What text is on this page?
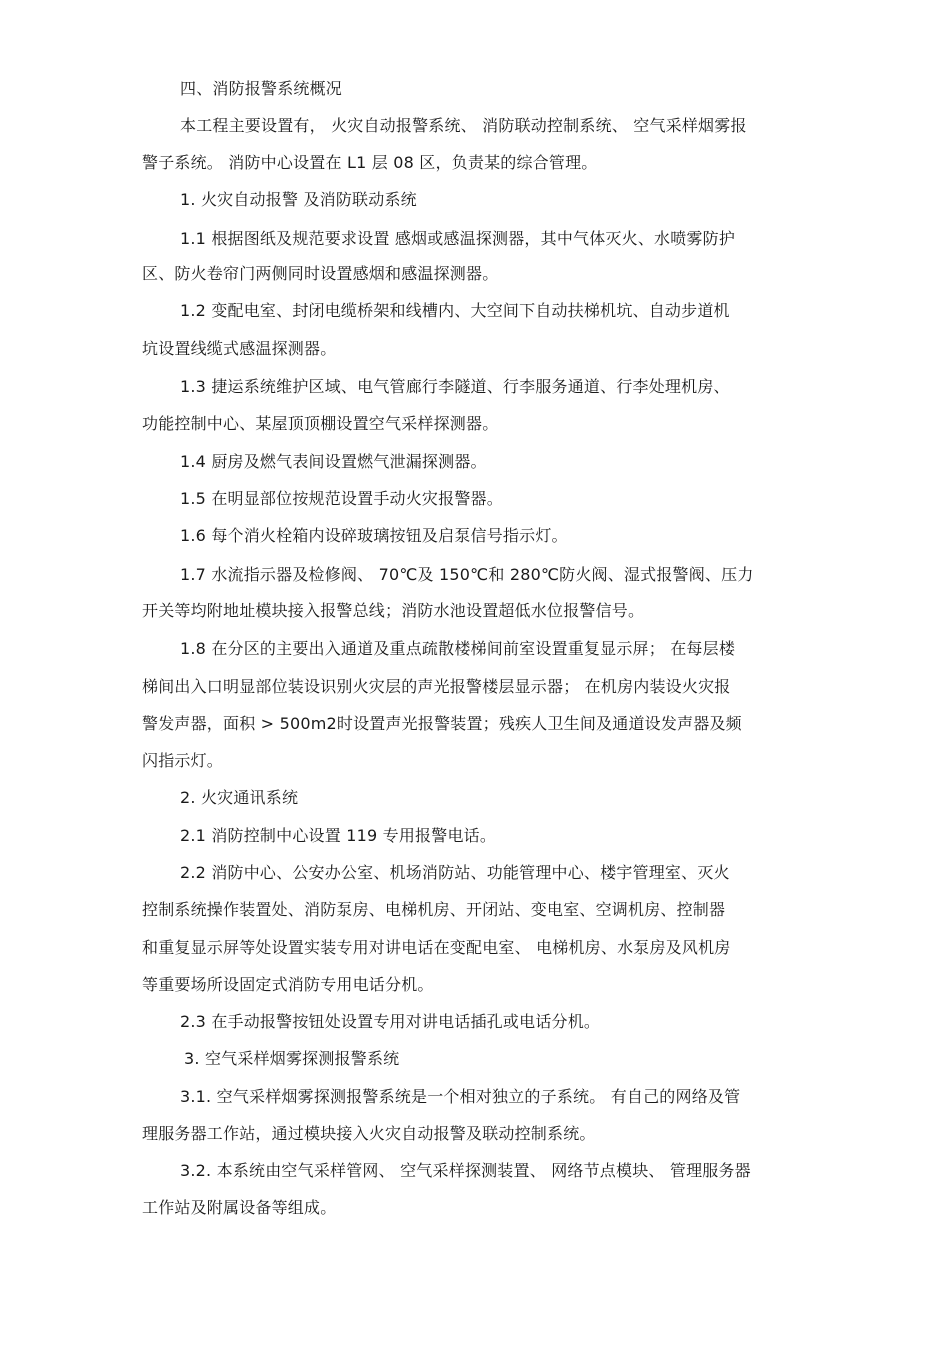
四、消防报警系统概况

本工程主要设置有， 火灾自动报警系统、 消防联动控制系统、 空气采样烟雾报

警子系统。 消防中心设置在 L1 层 08 区，负责某的综合管理。

1. 火灾自动报警 及消防联动系统

1.1 根据图纸及规范要求设置 感烟或感温探测器，其中气体灭火、水喷雾防护

区、防火卷帘门两侧同时设置感烟和感温探测器。

1.2 变配电室、封闭电缆桥架和线槽内、大空间下自动扶梯机坑、自动步道机

坑设置线缆式感温探测器。

1.3 捷运系统维护区域、电气管廊行李隧道、行李服务通道、行李处理机房、

功能控制中心、某屋顶顶棚设置空气采样探测器。

1.4 厨房及燃气表间设置燃气泄漏探测器。

1.5 在明显部位按规范设置手动火灾报警器。

1.6 每个消火栓箱内设碎玻璃按钮及启泵信号指示灯。

1.7 水流指示器及检修阀、 70℃及 150℃和 280℃防火阀、湿式报警阀、压力

开关等均附地址模块接入报警总线；消防水池设置超低水位报警信号。

1.8 在分区的主要出入通道及重点疏散楼梯间前室设置重复显示屏； 在每层楼

梯间出入口明显部位装设识别火灾层的声光报警楼层显示器； 在机房内装设火灾报

警发声器，面积 > 500m2时设置声光报警装置；残疾人卫生间及通道设发声器及频

闪指示灯。

2. 火灾通讯系统

2.1 消防控制中心设置 119 专用报警电话。

2.2 消防中心、公安办公室、机场消防站、功能管理中心、楼宇管理室、灭火

控制系统操作装置处、消防泵房、电梯机房、开闭站、变电室、空调机房、控制器

和重复显示屏等处设置实装专用对讲电话在变配电室、 电梯机房、水泵房及风机房

等重要场所设固定式消防专用电话分机。

2.3 在手动报警按钮处设置专用对讲电话插孔或电话分机。

3. 空气采样烟雾探测报警系统

3.1. 空气采样烟雾探测报警系统是一个相对独立的子系统。 有自己的网络及管

理服务器工作站，通过模块接入火灾自动报警及联动控制系统。

3.2. 本系统由空气采样管网、 空气采样探测装置、 网络节点模块、 管理服务器

工作站及附属设备等组成。
